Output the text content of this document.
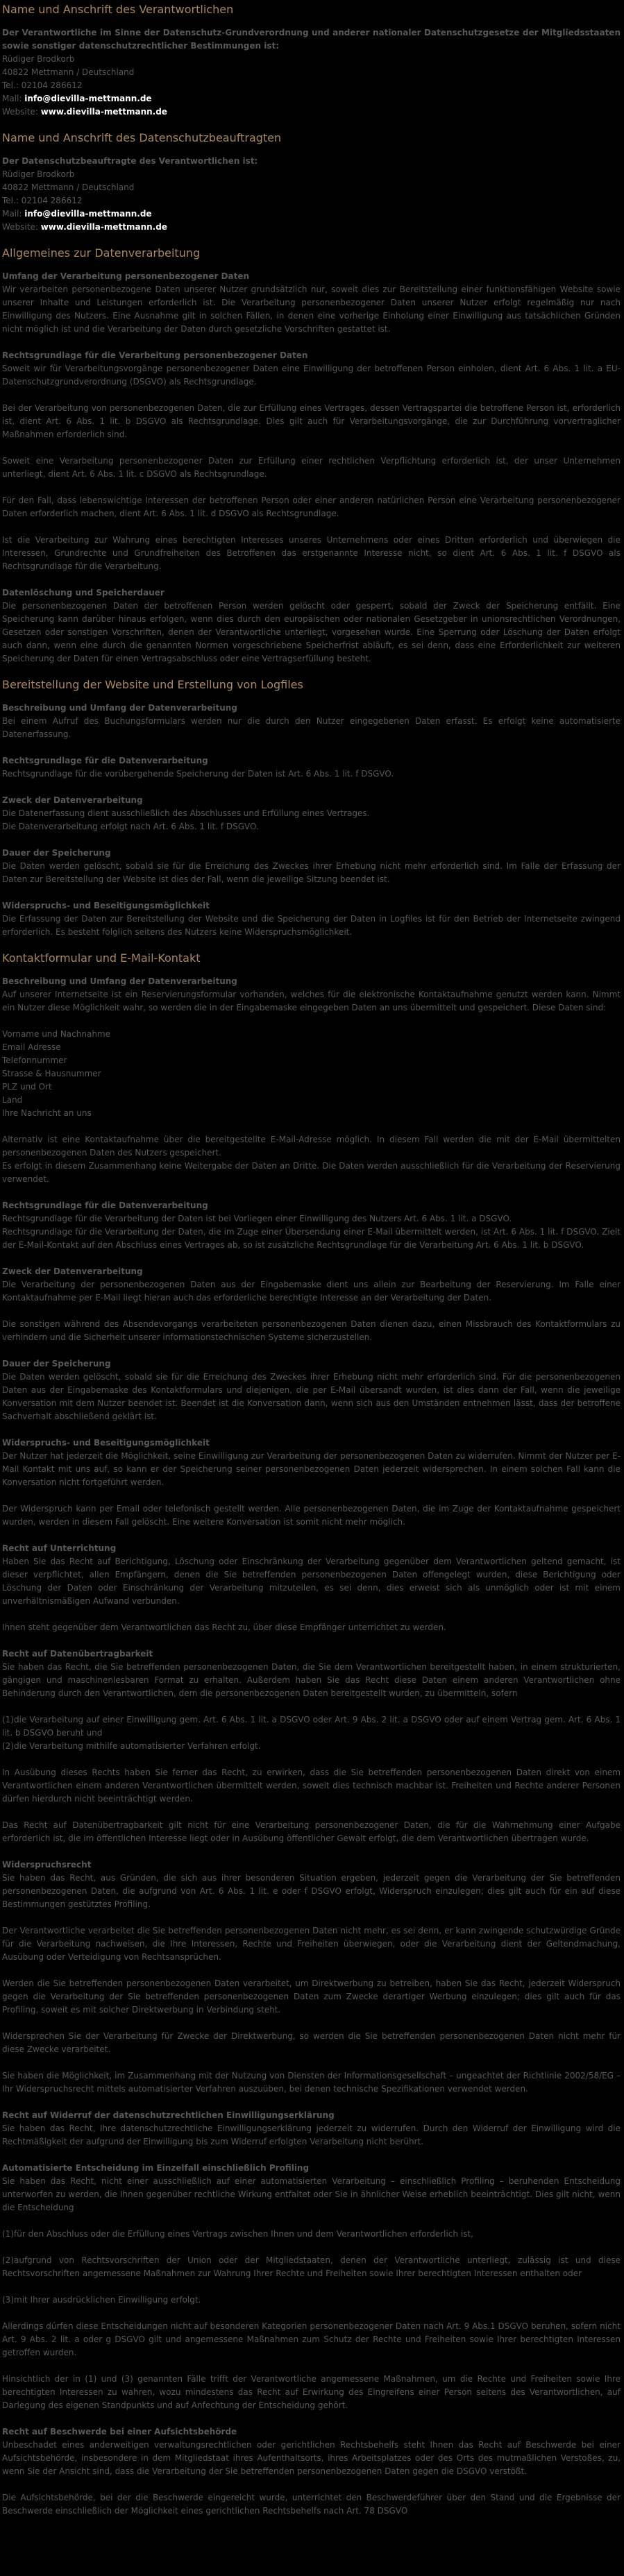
Name und Anschrift des Verantwortlichen

Der Verantwortliche im Sinne der Datenschutz-Grundverordnung und anderer nationaler Datenschutzgesetze der Mitgliedsstaaten sowie sonstiger datenschutzrechtlicher Bestimmungen ist:

Rüdiger Brodkorb
40822 Mettmann / Deutschland
Tel.: 02104 286612
Mail: info@dievilla-mettmann.de
Website: www.dievilla-mettmann.de
Name und Anschrift des Datenschutzbeauftragten

Der Datenschutzbeauftragte des Verantwortlichen ist:

Rüdiger Brodkorb
40822 Mettmann / Deutschland
Tel.: 02104 286612
Mail: info@dievilla-mettmann.de
Website: www.dievilla-mettmann.de
Allgemeines zur Datenverarbeitung

Umfang der Verarbeitung personenbezogener Daten

Wir verarbeiten personenbezogene Daten unserer Nutzer grundsätzlich nur, soweit dies zur Bereitstellung einer funktionsfähigen Website sowie unserer Inhalte und Leistungen erforderlich ist. Die Verarbeitung personenbezogener Daten unserer Nutzer erfolgt regelmäßig nur nach Einwilligung des Nutzers. Eine Ausnahme gilt in solchen Fällen, in denen eine vorherige Einholung einer Einwilligung aus tatsächlichen Gründen nicht möglich ist und die Verarbeitung der Daten durch gesetzliche Vorschriften gestattet ist.

Rechtsgrundlage für die Verarbeitung personenbezogener Daten

Soweit wir für Verarbeitungsvorgänge personenbezogener Daten eine Einwilligung der betroffenen Person einholen, dient Art. 6 Abs. 1 lit. a EU-Datenschutzgrundverordnung (DSGVO) als Rechtsgrundlage.

Bei der Verarbeitung von personenbezogenen Daten, die zur Erfüllung eines Vertrages, dessen Vertragspartei die betroffene Person ist, erforderlich ist, dient Art. 6 Abs. 1 lit. b DSGVO als Rechtsgrundlage. Dies gilt auch für Verarbeitungsvorgänge, die zur Durchführung vorvertraglicher Maßnahmen erforderlich sind.

Soweit eine Verarbeitung personenbezogener Daten zur Erfüllung einer rechtlichen Verpflichtung erforderlich ist, der unser Unternehmen unterliegt, dient Art. 6 Abs. 1 lit. c DSGVO als Rechtsgrundlage.

Für den Fall, dass lebenswichtige Interessen der betroffenen Person oder einer anderen natürlichen Person eine Verarbeitung personenbezogener Daten erforderlich machen, dient Art. 6 Abs. 1 lit. d DSGVO als Rechtsgrundlage.

Ist die Verarbeitung zur Wahrung eines berechtigten Interesses unseres Unternehmens oder eines Dritten erforderlich und überwiegen die Interessen, Grundrechte und Grundfreiheiten des Betroffenen das erstgenannte Interesse nicht, so dient Art. 6 Abs. 1 lit. f DSGVO als Rechtsgrundlage für die Verarbeitung.

Datenlöschung und Speicherdauer

Die personenbezogenen Daten der betroffenen Person werden gelöscht oder gesperrt, sobald der Zweck der Speicherung entfällt. Eine Speicherung kann darüber hinaus erfolgen, wenn dies durch den europäischen oder nationalen Gesetzgeber in unionsrechtlichen Verordnungen, Gesetzen oder sonstigen Vorschriften, denen der Verantwortliche unterliegt, vorgesehen wurde. Eine Sperrung oder Löschung der Daten erfolgt auch dann, wenn eine durch die genannten Normen vorgeschriebene Speicherfrist abläuft, es sei denn, dass eine Erforderlichkeit zur weiteren Speicherung der Daten für einen Vertragsabschluss oder eine Vertragserfüllung besteht.

Bereitstellung der Website und Erstellung von Logfiles

Beschreibung und Umfang der Datenverarbeitung

Bei einem Aufruf des Buchungsformulars werden nur die durch den Nutzer eingegebenen Daten erfasst. Es erfolgt keine automatisierte Datenerfassung.

Rechtsgrundlage für die Datenverarbeitung

Rechtsgrundlage für die vorübergehende Speicherung der Daten ist Art. 6 Abs. 1 lit. f DSGVO.

Zweck der Datenverarbeitung

Die Datenerfassung dient ausschließlich des Abschlusses und Erfüllung eines Vertrages.
Die Datenverarbeitung erfolgt nach Art. 6 Abs. 1 lit. f DSGVO.

Dauer der Speicherung

Die Daten werden gelöscht, sobald sie für die Erreichung des Zweckes ihrer Erhebung nicht mehr erforderlich sind. Im Falle der Erfassung der Daten zur Bereitstellung der Website ist dies der Fall, wenn die jeweilige Sitzung beendet ist.

Widerspruchs- und Beseitigungsmöglichkeit

Die Erfassung der Daten zur Bereitstellung der Website und die Speicherung der Daten in Logfiles ist für den Betrieb der Internetseite zwingend erforderlich. Es besteht folglich seitens des Nutzers keine Widerspruchsmöglichkeit.

Kontaktformular und E-Mail-Kontakt

Beschreibung und Umfang der Datenverarbeitung

Auf unserer Internetseite ist ein Reservierungsformular vorhanden, welches für die elektronische Kontaktaufnahme genutzt werden kann. Nimmt ein Nutzer diese Möglichkeit wahr, so werden die in der Eingabemaske eingegeben Daten an uns übermittelt und gespeichert. Diese Daten sind:

Vorname und Nachnahme
Email Adresse
Telefonnummer
Strasse & Hausnummer
PLZ und Ort
Land
Ihre Nachricht an uns

Alternativ ist eine Kontaktaufnahme über die bereitgestellte E-Mail-Adresse möglich. In diesem Fall werden die mit der E-Mail übermittelten personenbezogenen Daten des Nutzers gespeichert.

Es erfolgt in diesem Zusammenhang keine Weitergabe der Daten an Dritte. Die Daten werden ausschließlich für die Verarbeitung der Reservierung verwendet.

Rechtsgrundlage für die Datenverarbeitung

Rechtsgrundlage für die Verarbeitung der Daten ist bei Vorliegen einer Einwilligung des Nutzers Art. 6 Abs. 1 lit. a DSGVO.

Rechtsgrundlage für die Verarbeitung der Daten, die im Zuge einer Übersendung einer E-Mail übermittelt werden, ist Art. 6 Abs. 1 lit. f DSGVO. Zielt der E-Mail-Kontakt auf den Abschluss eines Vertrages ab, so ist zusätzliche Rechtsgrundlage für die Verarbeitung Art. 6 Abs. 1 lit. b DSGVO.

Zweck der Datenverarbeitung

Die Verarbeitung der personenbezogenen Daten aus der Eingabemaske dient uns allein zur Bearbeitung der Reservierung. Im Falle einer Kontaktaufnahme per E-Mail liegt hieran auch das erforderliche berechtigte Interesse an der Verarbeitung der Daten.

Die sonstigen während des Absendevorgangs verarbeiteten personenbezogenen Daten dienen dazu, einen Missbrauch des Kontaktformulars zu verhindern und die Sicherheit unserer informationstechnischen Systeme sicherzustellen.

Dauer der Speicherung

Die Daten werden gelöscht, sobald sie für die Erreichung des Zweckes ihrer Erhebung nicht mehr erforderlich sind. Für die personenbezogenen Daten aus der Eingabemaske des Kontaktformulars und diejenigen, die per E-Mail übersandt wurden, ist dies dann der Fall, wenn die jeweilige Konversation mit dem Nutzer beendet ist. Beendet ist die Konversation dann, wenn sich aus den Umständen entnehmen lässt, dass der betroffene Sachverhalt abschließend geklärt ist.

Widerspruchs- und Beseitigungsmöglichkeit

Der Nutzer hat jederzeit die Möglichkeit, seine Einwilligung zur Verarbeitung der personenbezogenen Daten zu widerrufen. Nimmt der Nutzer per E-Mail Kontakt mit uns auf, so kann er der Speicherung seiner personenbezogenen Daten jederzeit widersprechen. In einem solchen Fall kann die Konversation nicht fortgeführt werden.

Der Widerspruch kann per Email oder telefonisch gestellt werden. Alle personenbezogenen Daten, die im Zuge der Kontaktaufnahme gespeichert wurden, werden in diesem Fall gelöscht. Eine weitere Konversation ist somit nicht mehr möglich.

Recht auf Unterrichtung

Haben Sie das Recht auf Berichtigung, Löschung oder Einschränkung der Verarbeitung gegenüber dem Verantwortlichen geltend gemacht, ist dieser verpflichtet, allen Empfängern, denen die Sie betreffenden personenbezogenen Daten offengelegt wurden, diese Berichtigung oder Löschung der Daten oder Einschränkung der Verarbeitung mitzuteilen, es sei denn, dies erweist sich als unmöglich oder ist mit einem unverhältnismäßigen Aufwand verbunden.

Ihnen steht gegenüber dem Verantwortlichen das Recht zu, über diese Empfänger unterrichtet zu werden.

Recht auf Datenübertragbarkeit

Sie haben das Recht, die Sie betreffenden personenbezogenen Daten, die Sie dem Verantwortlichen bereitgestellt haben, in einem strukturierten, gängigen und maschinenlesbaren Format zu erhalten. Außerdem haben Sie das Recht diese Daten einem anderen Verantwortlichen ohne Behinderung durch den Verantwortlichen, dem die personenbezogenen Daten bereitgestellt wurden, zu übermitteln, sofern

(1)die Verarbeitung auf einer Einwilligung gem. Art. 6 Abs. 1 lit. a DSGVO oder Art. 9 Abs. 2 lit. a DSGVO oder auf einem Vertrag gem. Art. 6 Abs. 1 lit. b DSGVO beruht und

(2)die Verarbeitung mithilfe automatisierter Verfahren erfolgt.

In Ausübung dieses Rechts haben Sie ferner das Recht, zu erwirken, dass die Sie betreffenden personenbezogenen Daten direkt von einem Verantwortlichen einem anderen Verantwortlichen übermittelt werden, soweit dies technisch machbar ist. Freiheiten und Rechte anderer Personen dürfen hierdurch nicht beeinträchtigt werden.

Das Recht auf Datenübertragbarkeit gilt nicht für eine Verarbeitung personenbezogener Daten, die für die Wahrnehmung einer Aufgabe erforderlich ist, die im öffentlichen Interesse liegt oder in Ausübung öffentlicher Gewalt erfolgt, die dem Verantwortlichen übertragen wurde.

Widerspruchsrecht

Sie haben das Recht, aus Gründen, die sich aus ihrer besonderen Situation ergeben, jederzeit gegen die Verarbeitung der Sie betreffenden personenbezogenen Daten, die aufgrund von Art. 6 Abs. 1 lit. e oder f DSGVO erfolgt, Widerspruch einzulegen; dies gilt auch für ein auf diese Bestimmungen gestütztes Profiling.

Der Verantwortliche verarbeitet die Sie betreffenden personenbezogenen Daten nicht mehr, es sei denn, er kann zwingende schutzwürdige Gründe für die Verarbeitung nachweisen, die Ihre Interessen, Rechte und Freiheiten überwiegen, oder die Verarbeitung dient der Geltendmachung, Ausübung oder Verteidigung von Rechtsansprüchen.

Werden die Sie betreffenden personenbezogenen Daten verarbeitet, um Direktwerbung zu betreiben, haben Sie das Recht, jederzeit Widerspruch gegen die Verarbeitung der Sie betreffenden personenbezogenen Daten zum Zwecke derartiger Werbung einzulegen; dies gilt auch für das Profiling, soweit es mit solcher Direktwerbung in Verbindung steht.

Widersprechen Sie der Verarbeitung für Zwecke der Direktwerbung, so werden die Sie betreffenden personenbezogenen Daten nicht mehr für diese Zwecke verarbeitet.

Sie haben die Möglichkeit, im Zusammenhang mit der Nutzung von Diensten der Informationsgesellschaft – ungeachtet der Richtlinie 2002/58/EG – Ihr Widerspruchsrecht mittels automatisierter Verfahren auszuüben, bei denen technische Spezifikationen verwendet werden.

Recht auf Widerruf der datenschutzrechtlichen Einwilligungserklärung

Sie haben das Recht, Ihre datenschutzrechtliche Einwilligungserklärung jederzeit zu widerrufen. Durch den Widerruf der Einwilligung wird die Rechtmäßigkeit der aufgrund der Einwilligung bis zum Widerruf erfolgten Verarbeitung nicht berührt.

Automatisierte Entscheidung im Einzelfall einschließlich Profiling

Sie haben das Recht, nicht einer ausschließlich auf einer automatisierten Verarbeitung – einschließlich Profiling – beruhenden Entscheidung unterworfen zu werden, die Ihnen gegenüber rechtliche Wirkung entfaltet oder Sie in ähnlicher Weise erheblich beeinträchtigt. Dies gilt nicht, wenn die Entscheidung

(1)für den Abschluss oder die Erfüllung eines Vertrags zwischen Ihnen und dem Verantwortlichen erforderlich ist,

(2)aufgrund von Rechtsvorschriften der Union oder der Mitgliedstaaten, denen der Verantwortliche unterliegt, zulässig ist und diese Rechtsvorschriften angemessene Maßnahmen zur Wahrung Ihrer Rechte und Freiheiten sowie Ihrer berechtigten Interessen enthalten oder

(3)mit Ihrer ausdrücklichen Einwilligung erfolgt.

Allerdings dürfen diese Entscheidungen nicht auf besonderen Kategorien personenbezogener Daten nach Art. 9 Abs.1 DSGVO beruhen, sofern nicht Art. 9 Abs. 2 lit. a oder g DSGVO gilt und angemessene Maßnahmen zum Schutz der Rechte und Freiheiten sowie Ihrer berechtigten Interessen getroffen wurden.

Hinsichtlich der in (1) und (3) genannten Fälle trifft der Verantwortliche angemessene Maßnahmen, um die Rechte und Freiheiten sowie Ihre berechtigten Interessen zu wahren, wozu mindestens das Recht auf Erwirkung des Eingreifens einer Person seitens des Verantwortlichen, auf Darlegung des eigenen Standpunkts und auf Anfechtung der Entscheidung gehört.

Recht auf Beschwerde bei einer Aufsichtsbehörde

Unbeschadet eines anderweitigen verwaltungsrechtlichen oder gerichtlichen Rechtsbehelfs steht Ihnen das Recht auf Beschwerde bei einer Aufsichtsbehörde, insbesondere in dem Mitgliedstaat ihres Aufenthaltsorts, ihres Arbeitsplatzes oder des Orts des mutmaßlichen Verstoßes, zu, wenn Sie der Ansicht sind, dass die Verarbeitung der Sie betreffenden personenbezogenen Daten gegen die DSGVO verstößt.

Die Aufsichtsbehörde, bei der die Beschwerde eingereicht wurde, unterrichtet den Beschwerdeführer über den Stand und die Ergebnisse der Beschwerde einschließlich der Möglichkeit eines gerichtlichen Rechtsbehelfs nach Art. 78 DSGVO
